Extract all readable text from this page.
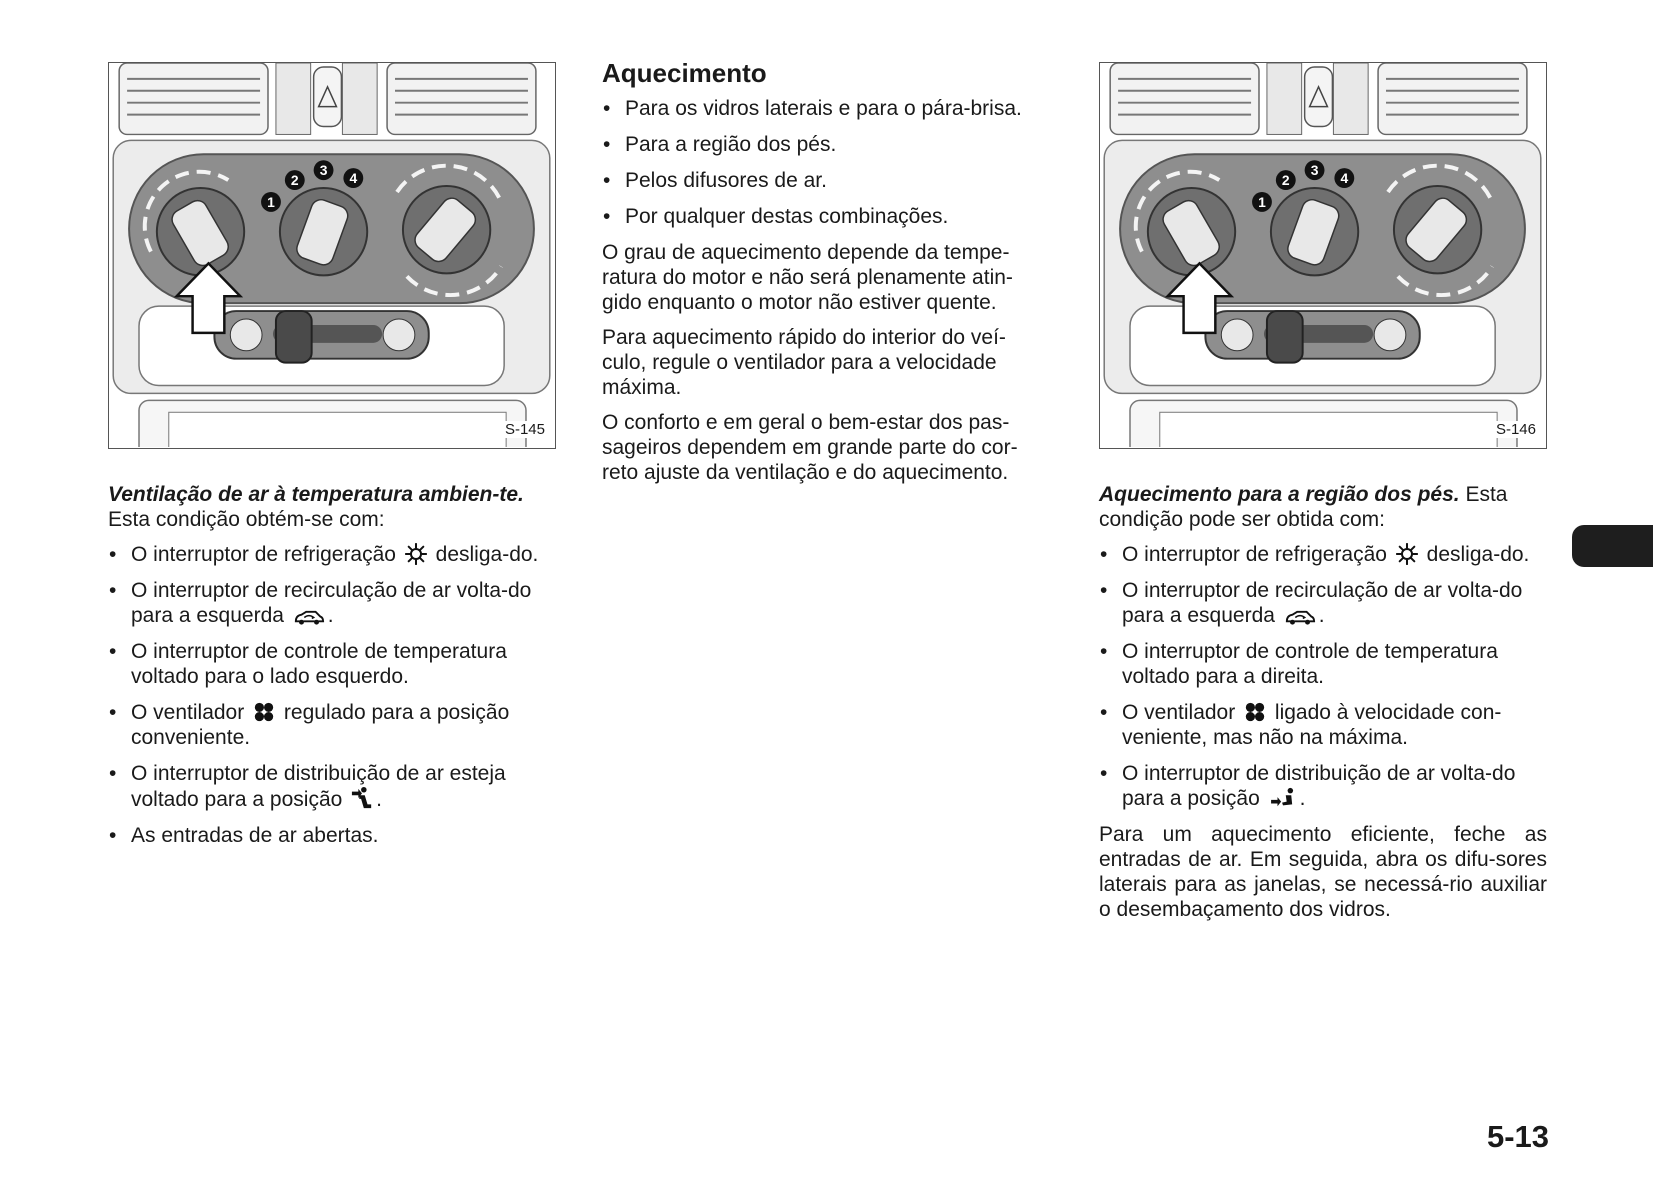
S-145

Ventilação de ar à temperatura ambien-te. Esta condição obtém-se com:

• O interruptor de refrigeração desliga-do.
• O interruptor de recirculação de ar volta-do para a esquerda .
• O interruptor de controle de temperatura voltado para o lado esquerdo.
• O ventilador regulado para a posição conveniente.
• O interruptor de distribuição de ar esteja voltado para a posição .
• As entradas de ar abertas.
Aquecimento
• Para os vidros laterais e para o pára-brisa.
• Para a região dos pés.
• Pelos difusores de ar.
• Por qualquer destas combinações.

O grau de aquecimento depende da tempe-ratura do motor e não será plenamente atin-gido enquanto o motor não estiver quente.

Para aquecimento rápido do interior do veí-culo, regule o ventilador para a velocidade máxima.

O conforto e em geral o bem-estar dos pas-sageiros dependem em grande parte do cor-reto ajuste da ventilação e do aquecimento.

S-146

Aquecimento para a região dos pés. Esta condição pode ser obtida com:

• O interruptor de refrigeração desliga-do.
• O interruptor de recirculação de ar volta-do para a esquerda .
• O interruptor de controle de temperatura voltado para a direita.
• O ventilador ligado à velocidade con-veniente, mas não na máxima.
• O interruptor de distribuição de ar volta-do para a posição .

Para um aquecimento eficiente, feche as entradas de ar. Em seguida, abra os difu-sores laterais para as janelas, se necessá-rio auxiliar o desembaçamento dos vidros.

5-13
